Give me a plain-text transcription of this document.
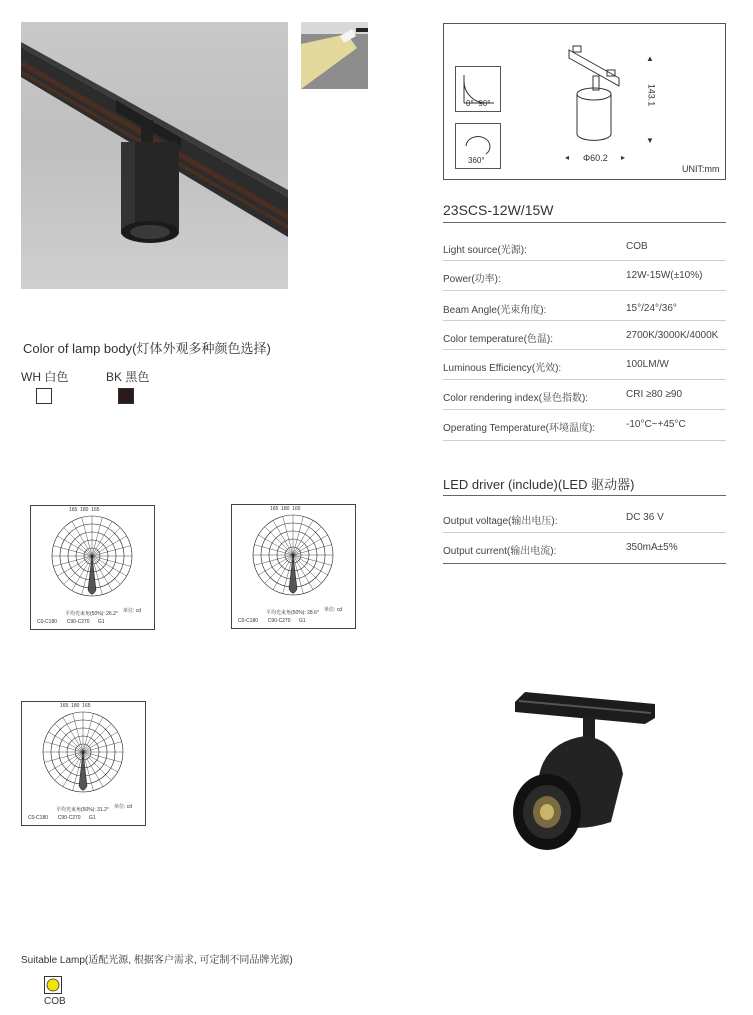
0°~90°
360°
▲
143.1
▼
◂ Φ60.2 ▸
UNIT:mm
23SCS-12W/15W
Light source(光源):	COB
Power(功率):	12W-15W(±10%)
Beam Angle(光束角度):	15°/24°/36°
Color temperature(色温):	2700K/3000K/4000K
Luminous Efficiency(光效):	100LM/W
Color rendering index(显色指数):	CRI ≥80 ≥90
Operating Temperature(环境温度):	-10°C~+45°C
LED driver (include)(LED 驱动器)
Output voltage(输出电压):	DC 36 V
Output current(输出电流):	350mA±5%
Color of lamp body(灯体外观多种颜色选择)
WH 白色	BK 黑色
165 180 165
平均光束角(50%): 26.2° 单位: cd
C0-C180 C90-C270 G1
165 180 165
平均光束角(50%): 28.6° 单位: cd
C0-C180 C90-C270 G1
165 180 165
平均光束角(50%): 31.2° 单位: cd
C0-C180 C90-C270 G1
Suitable Lamp(适配光源, 根据客户需求, 可定制不同品牌光源)
COB
